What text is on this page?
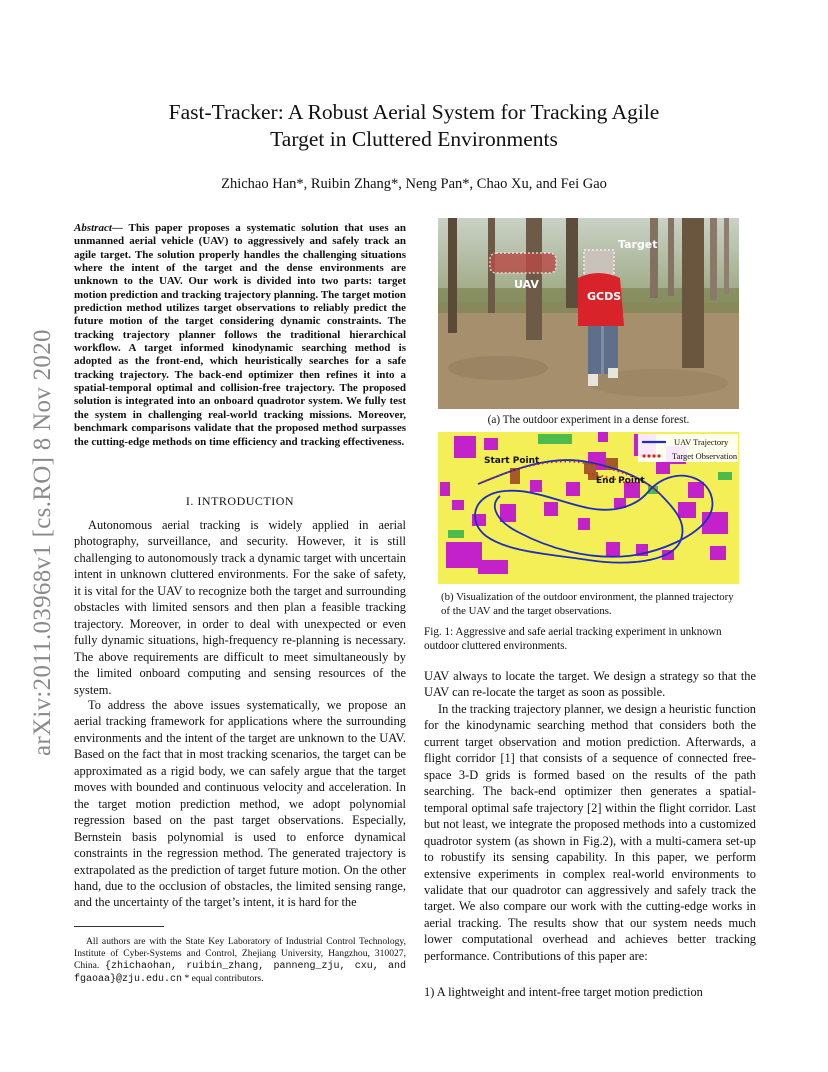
arXiv:2011.03968v1 [cs.RO] 8 Nov 2020
Fast-Tracker: A Robust Aerial System for Tracking Agile
Target in Cluttered Environments
Zhichao Han*, Ruibin Zhang*, Neng Pan*, Chao Xu, and Fei Gao
Abstract— This paper proposes a systematic solution that uses an unmanned aerial vehicle (UAV) to aggressively and safely track an agile target. The solution properly handles the challenging situations where the intent of the target and the dense environments are unknown to the UAV. Our work is divided into two parts: target motion prediction and tracking trajectory planning. The target motion prediction method utilizes target observations to reliably predict the future motion of the target considering dynamic constraints. The tracking trajectory planner follows the traditional hierarchical workflow. A target informed kinodynamic searching method is adopted as the front-end, which heuristically searches for a safe tracking trajectory. The back-end optimizer then refines it into a spatial-temporal optimal and collision-free trajectory. The proposed solution is integrated into an onboard quadrotor system. We fully test the system in challenging real-world tracking missions. Moreover, benchmark comparisons validate that the proposed method surpasses the cutting-edge methods on time efficiency and tracking effectiveness.
I. INTRODUCTION
Autonomous aerial tracking is widely applied in aerial photography, surveillance, and security. However, it is still challenging to autonomously track a dynamic target with uncertain intent in unknown cluttered environments. For the sake of safety, it is vital for the UAV to recognize both the target and surrounding obstacles with limited sensors and then plan a feasible tracking trajectory. Moreover, in order to deal with unexpected or even fully dynamic situations, high-frequency re-planning is necessary. The above requirements are difficult to meet simultaneously by the limited onboard computing and sensing resources of the system.
To address the above issues systematically, we propose an aerial tracking framework for applications where the surrounding environments and the intent of the target are unknown to the UAV. Based on the fact that in most tracking scenarios, the target can be approximated as a rigid body, we can safely argue that the target moves with bounded and continuous velocity and acceleration. In the target motion prediction method, we adopt polynomial regression based on the past target observations. Especially, Bernstein basis polynomial is used to enforce dynamical constraints in the regression method. The generated trajectory is extrapolated as the prediction of target future motion. On the other hand, due to the occlusion of obstacles, the limited sensing range, and the uncertainty of the target’s intent, it is hard for the
All authors are with the State Key Laboratory of Industrial Control Technology, Institute of Cyber-Systems and Control, Zhejiang University, Hangzhou, 310027, China. {zhichaohan, ruibin_zhang, panneng_zju, cxu, and fgaoaa}@zju.edu.cn * equal contributors.
GCDS
Target
UAV
(a) The outdoor experiment in a dense forest.
UAV Trajectory
Target Observation
Start Point
End Point
(b) Visualization of the outdoor environment, the planned trajectory of the UAV and the target observations.
Fig. 1: Aggressive and safe aerial tracking experiment in unknown outdoor cluttered environments.
UAV always to locate the target. We design a strategy so that the UAV can re-locate the target as soon as possible.
In the tracking trajectory planner, we design a heuristic function for the kinodynamic searching method that considers both the current target observation and motion prediction. Afterwards, a flight corridor [1] that consists of a sequence of connected free-space 3-D grids is formed based on the results of the path searching. The back-end optimizer then generates a spatial-temporal optimal safe trajectory [2] within the flight corridor. Last but not least, we integrate the proposed methods into a customized quadrotor system (as shown in Fig.2), with a multi-camera set-up to robustify its sensing capability. In this paper, we perform extensive experiments in complex real-world environments to validate that our quadrotor can aggressively and safely track the target. We also compare our work with the cutting-edge works in aerial tracking. The results show that our system needs much lower computational overhead and achieves better tracking performance. Contributions of this paper are:
1) A lightweight and intent-free target motion prediction
